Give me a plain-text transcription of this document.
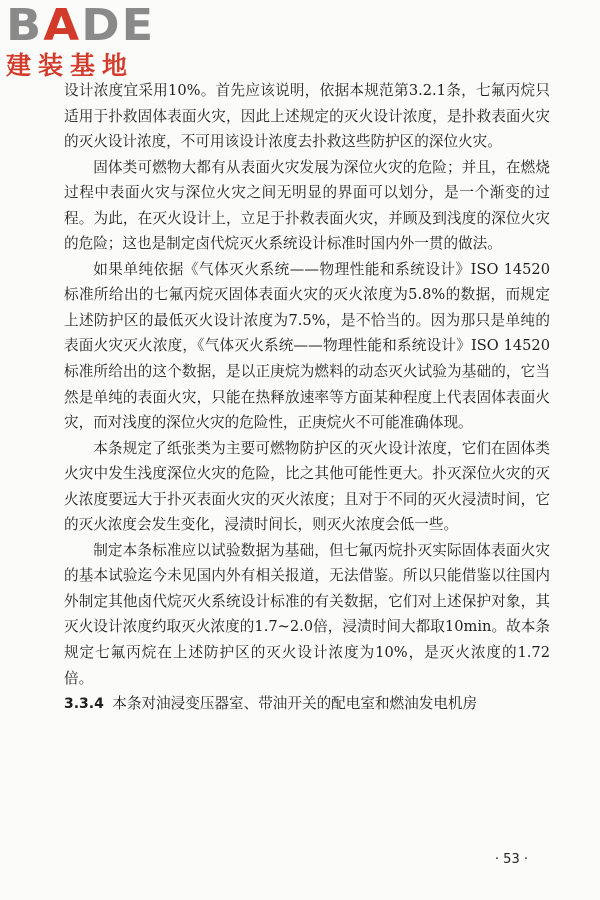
BADE
建装基地

设计浓度宜采用10%。首先应该说明，依据本规范第3.2.1条，七氟丙烷只适用于扑救固体表面火灾，因此上述规定的灭火设计浓度，是扑救表面火灾的灭火设计浓度，不可用该设计浓度去扑救这些防护区的深位火灾。

固体类可燃物大都有从表面火灾发展为深位火灾的危险；并且，在燃烧过程中表面火灾与深位火灾之间无明显的界面可以划分，是一个渐变的过程。为此，在灭火设计上，立足于扑救表面火灾，并顾及到浅度的深位火灾的危险；这也是制定卤代烷灭火系统设计标准时国内外一贯的做法。

如果单纯依据《气体灭火系统——物理性能和系统设计》ISO 14520标准所给出的七氟丙烷灭固体表面火灾的灭火浓度为5.8%的数据，而规定上述防护区的最低灭火设计浓度为7.5%，是不恰当的。因为那只是单纯的表面火灾灭火浓度，《气体灭火系统——物理性能和系统设计》ISO 14520标准所给出的这个数据，是以正庚烷为燃料的动态灭火试验为基础的，它当然是单纯的表面火灾，只能在热释放速率等方面某种程度上代表固体表面火灾，而对浅度的深位火灾的危险性，正庚烷火不可能准确体现。

本条规定了纸张类为主要可燃物防护区的灭火设计浓度，它们在固体类火灾中发生浅度深位火灾的危险，比之其他可能性更大。扑灭深位火灾的灭火浓度要远大于扑灭表面火灾的灭火浓度；且对于不同的灭火浸渍时间，它的灭火浓度会发生变化，浸渍时间长，则灭火浓度会低一些。

制定本条标准应以试验数据为基础，但七氟丙烷扑灭实际固体表面火灾的基本试验迄今未见国内外有相关报道，无法借鉴。所以只能借鉴以往国内外制定其他卤代烷灭火系统设计标准的有关数据，它们对上述保护对象，其灭火设计浓度约取灭火浓度的1.7~2.0倍，浸渍时间大都取10min。故本条规定七氟丙烷在上述防护区的灭火设计浓度为10%，是灭火浓度的1.72倍。

3.3.4 本条对油浸变压器室、带油开关的配电室和燃油发电机房

· 53 ·
